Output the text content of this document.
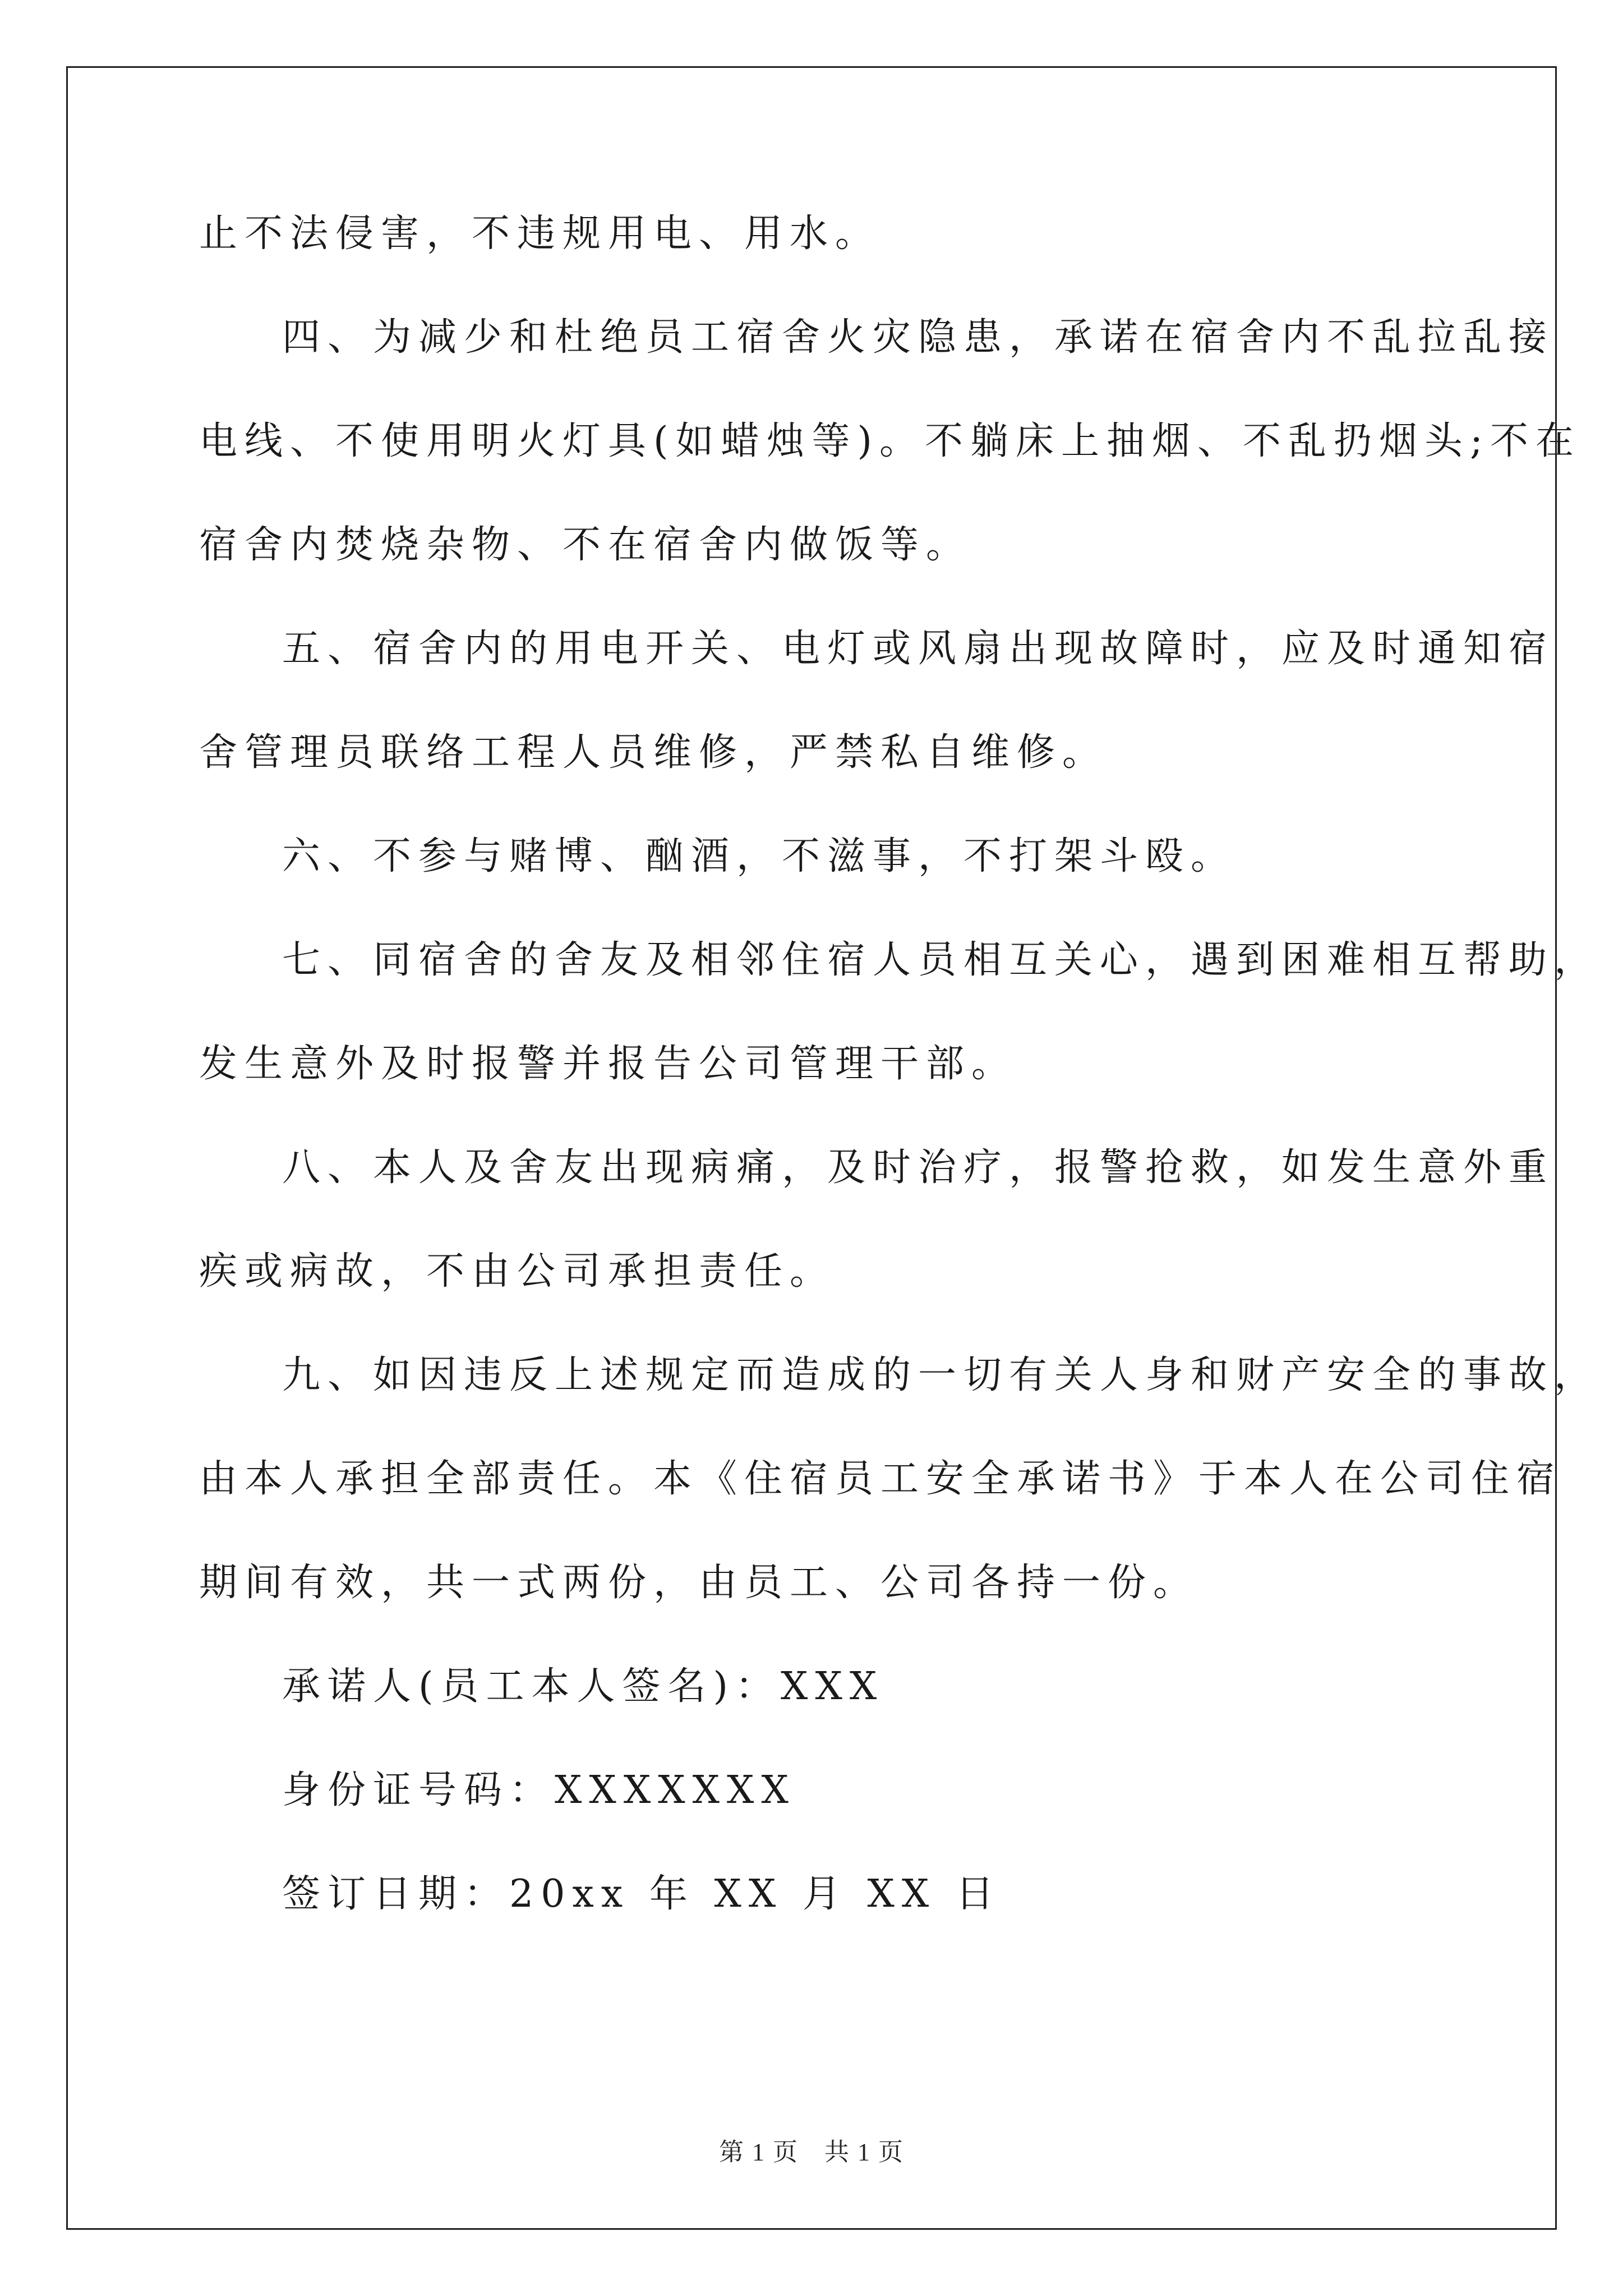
止不法侵害，不违规用电、用水。
四、为减少和杜绝员工宿舍火灾隐患，承诺在宿舍内不乱拉乱接
电线、不使用明火灯具(如蜡烛等)。不躺床上抽烟、不乱扔烟头;不在
宿舍内焚烧杂物、不在宿舍内做饭等。
五、宿舍内的用电开关、电灯或风扇出现故障时，应及时通知宿
舍管理员联络工程人员维修，严禁私自维修。
六、不参与赌博、酗酒，不滋事，不打架斗殴。
七、同宿舍的舍友及相邻住宿人员相互关心，遇到困难相互帮助，
发生意外及时报警并报告公司管理干部。
八、本人及舍友出现病痛，及时治疗，报警抢救，如发生意外重
疾或病故，不由公司承担责任。
九、如因违反上述规定而造成的一切有关人身和财产安全的事故，
由本人承担全部责任。本《住宿员工安全承诺书》于本人在公司住宿
期间有效，共一式两份，由员工、公司各持一份。
承诺人(员工本人签名)：XXX
身份证号码：XXXXXXX
签订日期：20xx 年 XX 月 XX 日
第 1 页　共 1 页
